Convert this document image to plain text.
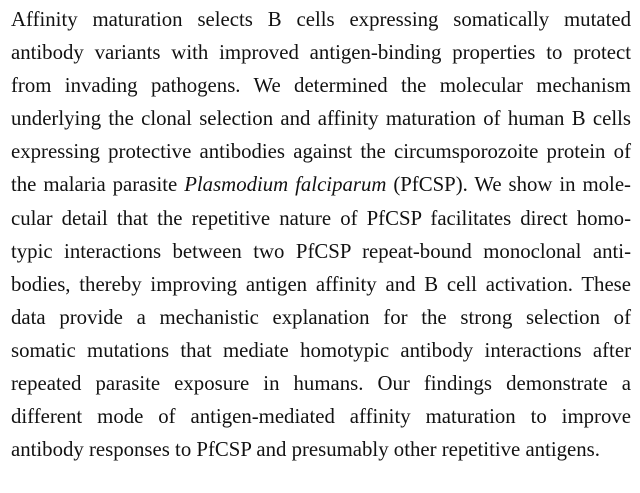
Affinity maturation selects B cells expressing somatically mutated
antibody variants with improved antigen-binding properties to protect
from invading pathogens. We determined the molecular mechanism
underlying the clonal selection and affinity maturation of human B cells
expressing protective antibodies against the circumsporozoite protein of
the malaria parasite Plasmodium falciparum (PfCSP). We show in mole-
cular detail that the repetitive nature of PfCSP facilitates direct homo-
typic interactions between two PfCSP repeat-bound monoclonal anti-
bodies, thereby improving antigen affinity and B cell activation. These
data provide a mechanistic explanation for the strong selection of
somatic mutations that mediate homotypic antibody interactions after
repeated parasite exposure in humans. Our findings demonstrate a
different mode of antigen-mediated affinity maturation to improve
antibody responses to PfCSP and presumably other repetitive antigens.
